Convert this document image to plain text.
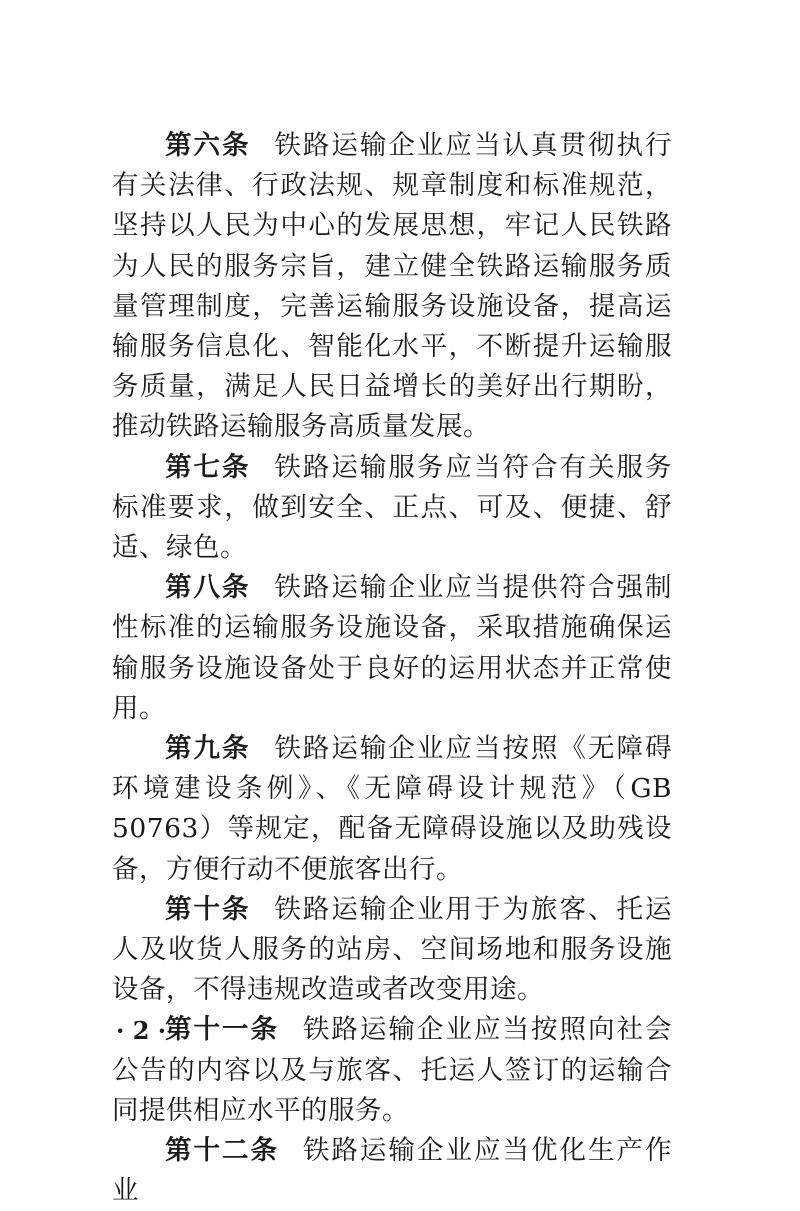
第六条 铁路运输企业应当认真贯彻执行有关法律、行政法规、规章制度和标准规范，坚持以人民为中心的发展思想，牢记人民铁路为人民的服务宗旨，建立健全铁路运输服务质量管理制度，完善运输服务设施设备，提高运输服务信息化、智能化水平，不断提升运输服务质量，满足人民日益增长的美好出行期盼，推动铁路运输服务高质量发展。

第七条 铁路运输服务应当符合有关服务标准要求，做到安全、正点、可及、便捷、舒适、绿色。

第八条 铁路运输企业应当提供符合强制性标准的运输服务设施设备，采取措施确保运输服务设施设备处于良好的运用状态并正常使用。

第九条 铁路运输企业应当按照《无障碍环境建设条例》、《无障碍设计规范》（GB 50763）等规定，配备无障碍设施以及助残设备，方便行动不便旅客出行。

第十条 铁路运输企业用于为旅客、托运人及收货人服务的站房、空间场地和服务设施设备，不得违规改造或者改变用途。

第十一条 铁路运输企业应当按照向社会公告的内容以及与旅客、托运人签订的运输合同提供相应水平的服务。

第十二条 铁路运输企业应当优化生产作业

· 2 ·
